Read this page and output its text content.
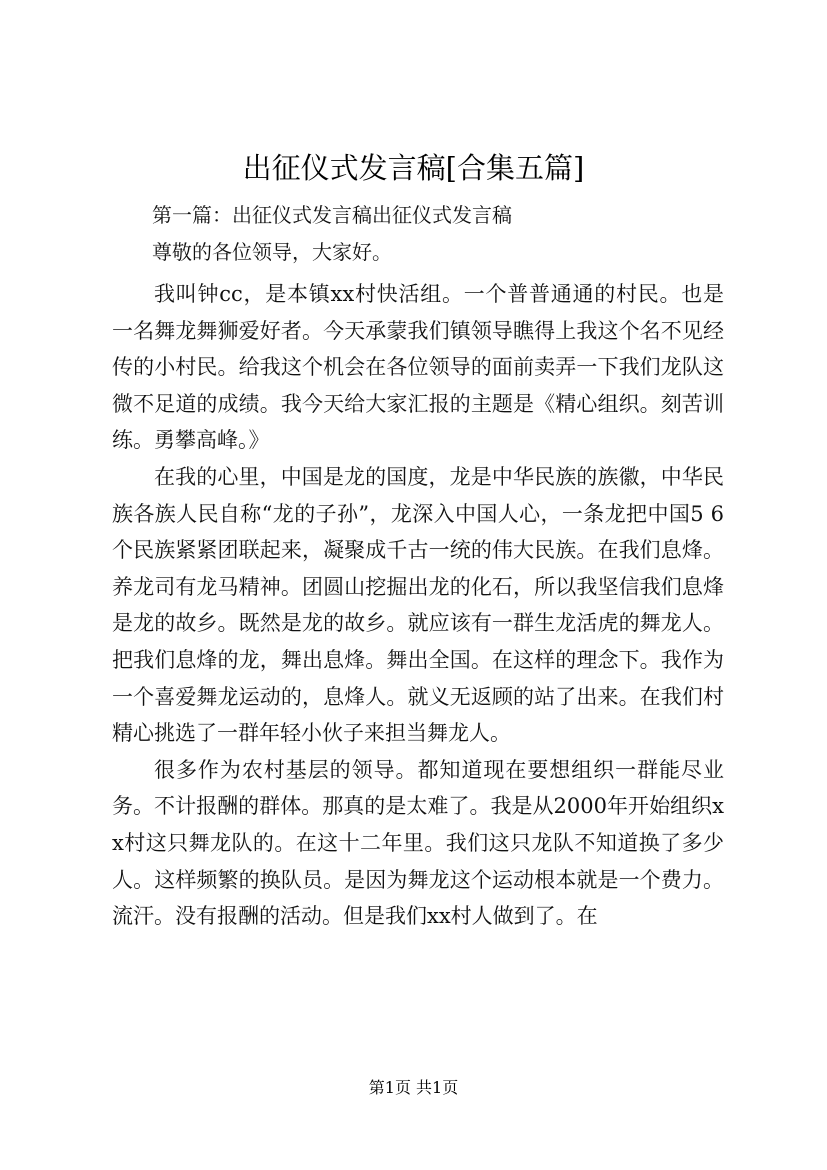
出征仪式发言稿[合集五篇]

第一篇：出征仪式发言稿出征仪式发言稿

尊敬的各位领导，大家好。

我叫钟cc，是本镇xx村快活组。一个普普通通的村民。也是一名舞龙舞狮爱好者。今天承蒙我们镇领导瞧得上我这个名不见经传的小村民。给我这个机会在各位领导的面前卖弄一下我们龙队这微不足道的成绩。我今天给大家汇报的主题是《精心组织。刻苦训练。勇攀高峰。》

在我的心里，中国是龙的国度，龙是中华民族的族徽，中华民族各族人民自称“龙的子孙”，龙深入中国人心，一条龙把中国5 6个民族紧紧团联起来，凝聚成千古一统的伟大民族。在我们息烽。养龙司有龙马精神。团圆山挖掘出龙的化石，所以我坚信我们息烽是龙的故乡。既然是龙的故乡。就应该有一群生龙活虎的舞龙人。把我们息烽的龙，舞出息烽。舞出全国。在这样的理念下。我作为一个喜爱舞龙运动的，息烽人。就义无返顾的站了出来。在我们村精心挑选了一群年轻小伙子来担当舞龙人。

很多作为农村基层的领导。都知道现在要想组织一群能尽业务。不计报酬的群体。那真的是太难了。我是从2000年开始组织xx村这只舞龙队的。在这十二年里。我们这只龙队不知道换了多少人。这样频繁的换队员。是因为舞龙这个运动根本就是一个费力。流汗。没有报酬的活动。但是我们xx村人做到了。在

第1页 共1页
